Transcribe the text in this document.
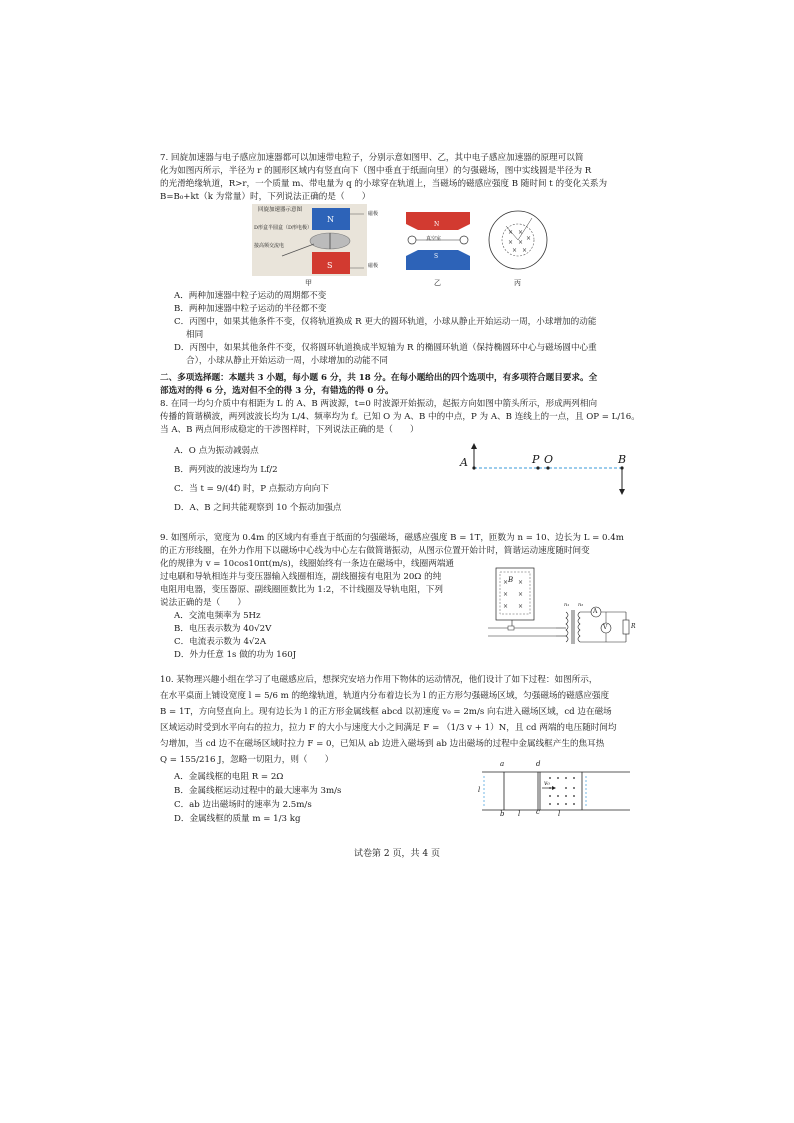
7. 回旋加速器与电子感应加速器都可以加速带电粒子，分别示意如图甲、乙，其中电子感应加速器的原理可以简

化为如图丙所示，半径为 r 的圆形区域内有竖直向下（图中垂直于纸面向里）的匀强磁场，图中实线圆是半径为 R

的光滑绝缘轨道，R>r，一个质量 m、带电量为 q 的小球穿在轨道上，当磁场的磁感应强度 B 随时间 t 的变化关系为

B=B₀+kt（k 为常量）时，下列说法正确的是（　　）

N
S
回旋加速器示意图
D形盒半圆盒（D形电极）
接高频交流电
磁极
磁极
N
S
真空室
× ×
× ×
×
× ×
甲	乙	丙

A．两种加速器中粒子运动的周期都不变

B．两种加速器中粒子运动的半径都不变

C．丙图中，如果其他条件不变，仅将轨道换成 R 更大的圆环轨道，小球从静止开始运动一周，小球增加的动能

相同

D．丙图中，如果其他条件不变，仅将圆环轨道换成半短轴为 R 的椭圆环轨道（保持椭圆环中心与磁场圆中心重

合），小球从静止开始运动一周，小球增加的动能不同

二、多项选择题：本题共 3 小题，每小题 6 分，共 18 分。在每小题给出的四个选项中，有多项符合题目要求。全

部选对的得 6 分，选对但不全的得 3 分，有错选的得 0 分。

8. 在同一均匀介质中有相距为 L 的 A、B 两波源，t=0 时波源开始振动，起振方向如图中箭头所示，形成两列相向

传播的简谐横波，两列波波长均为 L/4、频率均为 f。已知 O 为 A、B 中的中点，P 为 A、B 连线上的一点，且 OP = L/16。

当 A、B 两点间形成稳定的干涉图样时，下列说法正确的是（　　）

A．O 点为振动减弱点

B．两列波的波速均为 Lf/2

C．当 t = 9/(4f) 时，P 点振动方向向下

D．A、B 之间共能观察到 10 个振动加强点

A	P O	B

9. 如图所示，宽度为 0.4m 的区域内有垂直于纸面的匀强磁场，磁感应强度 B = 1T，匝数为 n = 10、边长为 L = 0.4m

的正方形线圈，在外力作用下以磁场中心线为中心左右做简谐振动，从图示位置开始计时，简谐运动速度随时间变

化的规律为 v = 10cos10πt(m/s)，线圈始终有一条边在磁场中，线圈两端通

过电刷和导轨相连并与变压器输入线圈相连，副线圈接有电阻为 20Ω 的纯

电阻用电器，变压器原、副线圈匝数比为 1:2，不计线圈及导轨电阻，下列

说法正确的是（　　）

A．交流电频率为 5Hz

B．电压表示数为 40√2V

C．电流表示数为 4√2A

D．外力任意 1s 做的功为 160J

× ×
× ×
× ×
B
n₁ n₂
A
V	R

10. 某物理兴趣小组在学习了电磁感应后，想探究安培力作用下物体的运动情况，他们设计了如下过程：如图所示，

在水平桌面上铺设宽度 l = 5/6 m 的绝缘轨道，轨道内分布着边长为 l 的正方形匀强磁场区域，匀强磁场的磁感应强度

B = 1T，方向竖直向上。现有边长为 l 的正方形金属线框 abcd 以初速度 v₀ = 2m/s 向右进入磁场区域，cd 边在磁场

区域运动时受到水平向右的拉力，拉力 F 的大小与速度大小之间满足 F = （1/3 v + 1）N，且 cd 两端的电压随时间均

匀增加，当 cd 边不在磁场区域时拉力 F = 0，已知从 ab 边进入磁场到 ab 边出磁场的过程中金属线框产生的焦耳热

Q = 155/216 J，忽略一切阻力，则（　　）

A．金属线框的电阻 R = 2Ω

B．金属线框运动过程中的最大速率为 3m/s

C．ab 边出磁场时的速率为 2.5m/s

D．金属线框的质量 m = 1/3 kg

a	d
b l c	l
l
v₀
试卷第 2 页，共 4 页
